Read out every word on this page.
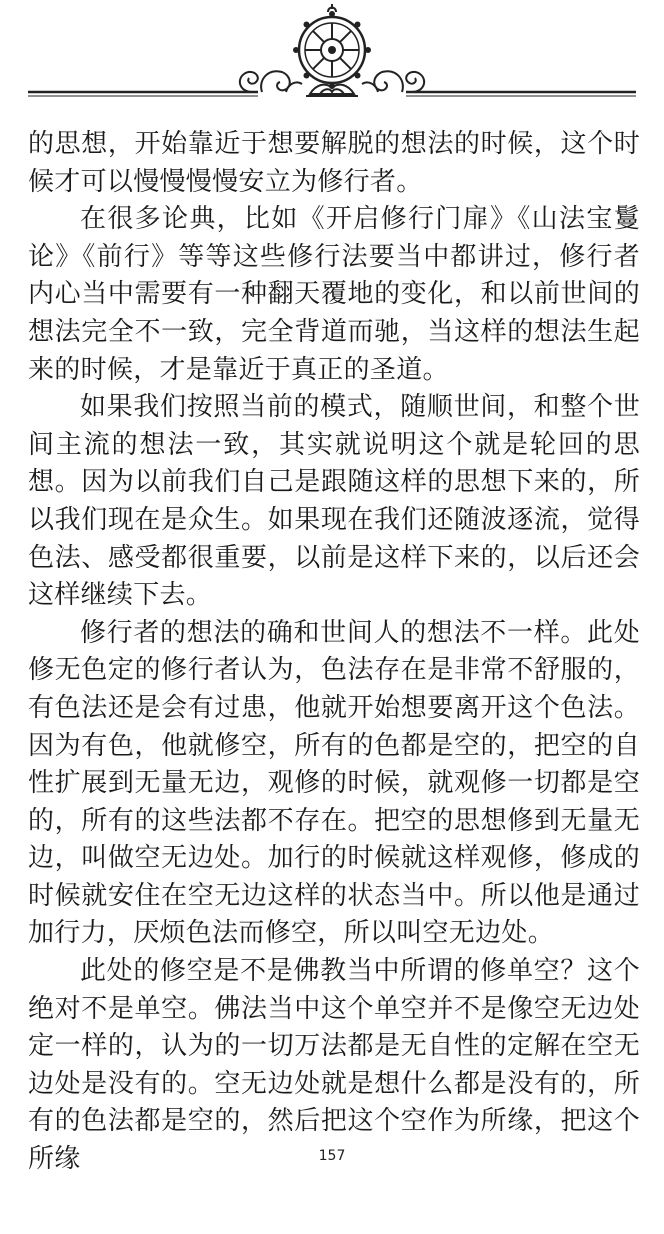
的思想，开始靠近于想要解脱的想法的时候，这个时候才可以慢慢慢慢安立为修行者。

在很多论典，比如《开启修行门扉》《山法宝鬘论》《前行》等等这些修行法要当中都讲过，修行者内心当中需要有一种翻天覆地的变化，和以前世间的想法完全不一致，完全背道而驰，当这样的想法生起来的时候，才是靠近于真正的圣道。

如果我们按照当前的模式，随顺世间，和整个世间主流的想法一致，其实就说明这个就是轮回的思想。因为以前我们自己是跟随这样的思想下来的，所以我们现在是众生。如果现在我们还随波逐流，觉得色法、感受都很重要，以前是这样下来的，以后还会这样继续下去。

修行者的想法的确和世间人的想法不一样。此处修无色定的修行者认为，色法存在是非常不舒服的，有色法还是会有过患，他就开始想要离开这个色法。因为有色，他就修空，所有的色都是空的，把空的自性扩展到无量无边，观修的时候，就观修一切都是空的，所有的这些法都不存在。把空的思想修到无量无边，叫做空无边处。加行的时候就这样观修，修成的时候就安住在空无边这样的状态当中。所以他是通过加行力，厌烦色法而修空，所以叫空无边处。

此处的修空是不是佛教当中所谓的修单空？这个绝对不是单空。佛法当中这个单空并不是像空无边处定一样的，认为的一切万法都是无自性的定解在空无边处是没有的。空无边处就是想什么都是没有的，所有的色法都是空的，然后把这个空作为所缘，把这个所缘	157
